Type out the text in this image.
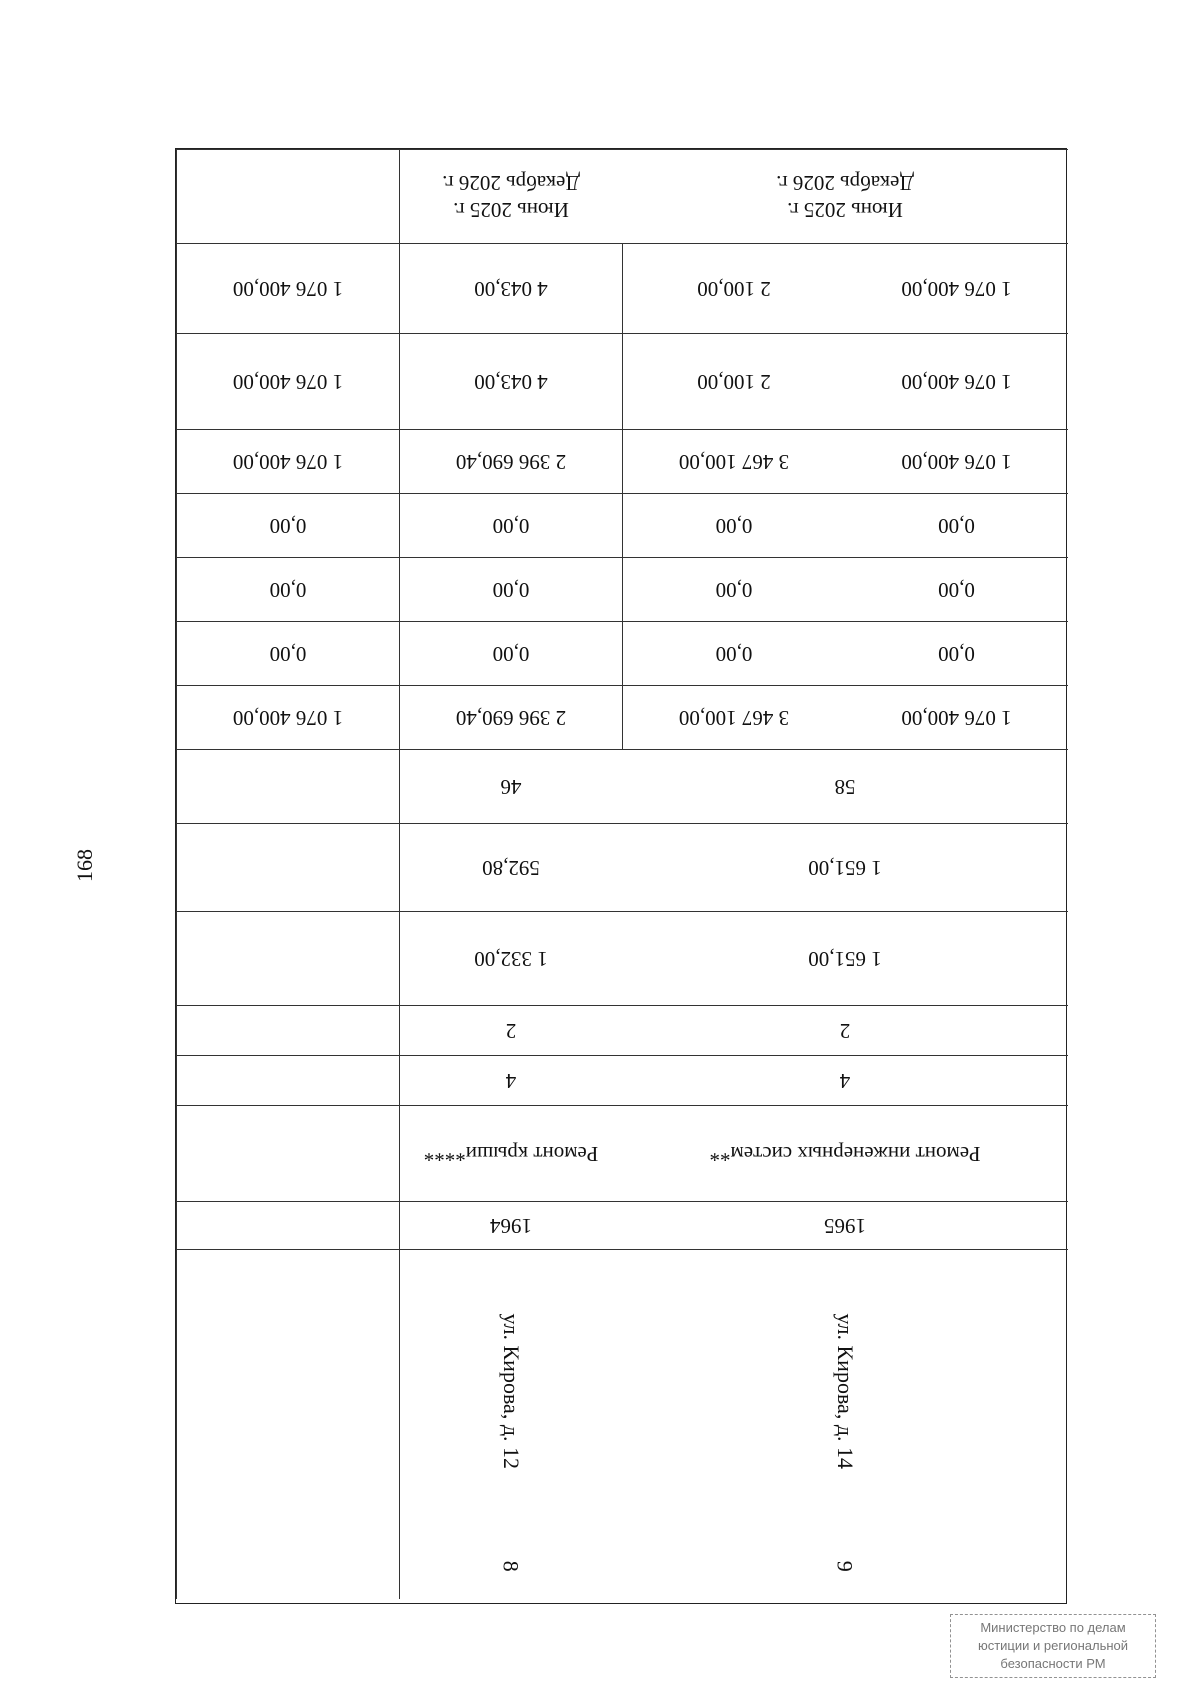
168
Июнь 2025 г.
Декабрь 2026 г.
Июнь 2025 г.
Декабрь 2026 г.
1 076 400,00	4 043,00	2 100,00	1 076 400,00
1 076 400,00	4 043,00	2 100,00	1 076 400,00
1 076 400,00	2 396 690,40	3 467 100,00	1 076 400,00
0,00	0,00	0,00	0,00
0,00	0,00	0,00	0,00
0,00	0,00	0,00	0,00
1 076 400,00	2 396 690,40	3 467 100,00	1 076 400,00
46	58
592,80	1 651,00
1 332,00	1 651,00
2	2
4	4
Ремонт крыши****	Ремонт инженерных систем**
1964	1965
ул. Кирова, д. 12	ул. Кирова, д. 14
8	9
Министерство по делам
юстиции и региональной
безопасности РМ
